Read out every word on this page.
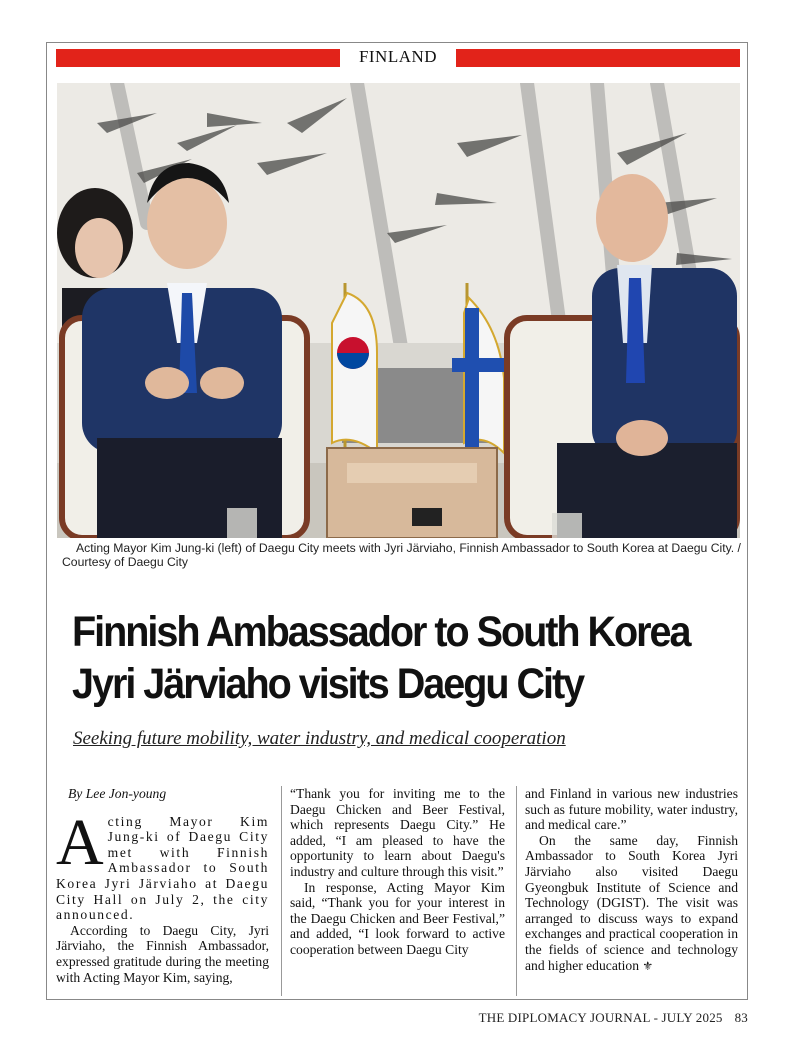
FINLAND
Acting Mayor Kim Jung-ki (left) of Daegu City meets with Jyri Järviaho, Finnish Ambassador to South Korea at Daegu City. / Courtesy of Daegu City
Finnish Ambassador to South Korea
Jyri Järviaho visits Daegu City
Seeking future mobility, water industry, and medical cooperation

By Lee Jon-young

Acting Mayor Kim Jung-ki of Daegu City met with Finnish Ambassador to South Korea Jyri Järviaho at Daegu City Hall on July 2, the city announced.

According to Daegu City, Jyri Järviaho, the Finnish Ambassador, expressed gratitude during the meeting with Acting Mayor Kim, saying,

“Thank you for inviting me to the Daegu Chicken and Beer Festival, which represents Daegu City.” He added, “I am pleased to have the opportunity to learn about Daegu's industry and culture through this visit.”

In response, Acting Mayor Kim said, “Thank you for your interest in the Daegu Chicken and Beer Festival,” and added, “I look forward to active cooperation between Daegu City

and Finland in various new industries such as future mobility, water industry, and medical care.”

On the same day, Finnish Ambassador to South Korea Jyri Järviaho also visited Daegu Gyeongbuk Institute of Science and Technology (DGIST). The visit was arranged to discuss ways to expand exchanges and practical cooperation in the fields of science and technology and higher education ⚜

THE DIPLOMACY JOURNAL - JULY 2025 83
